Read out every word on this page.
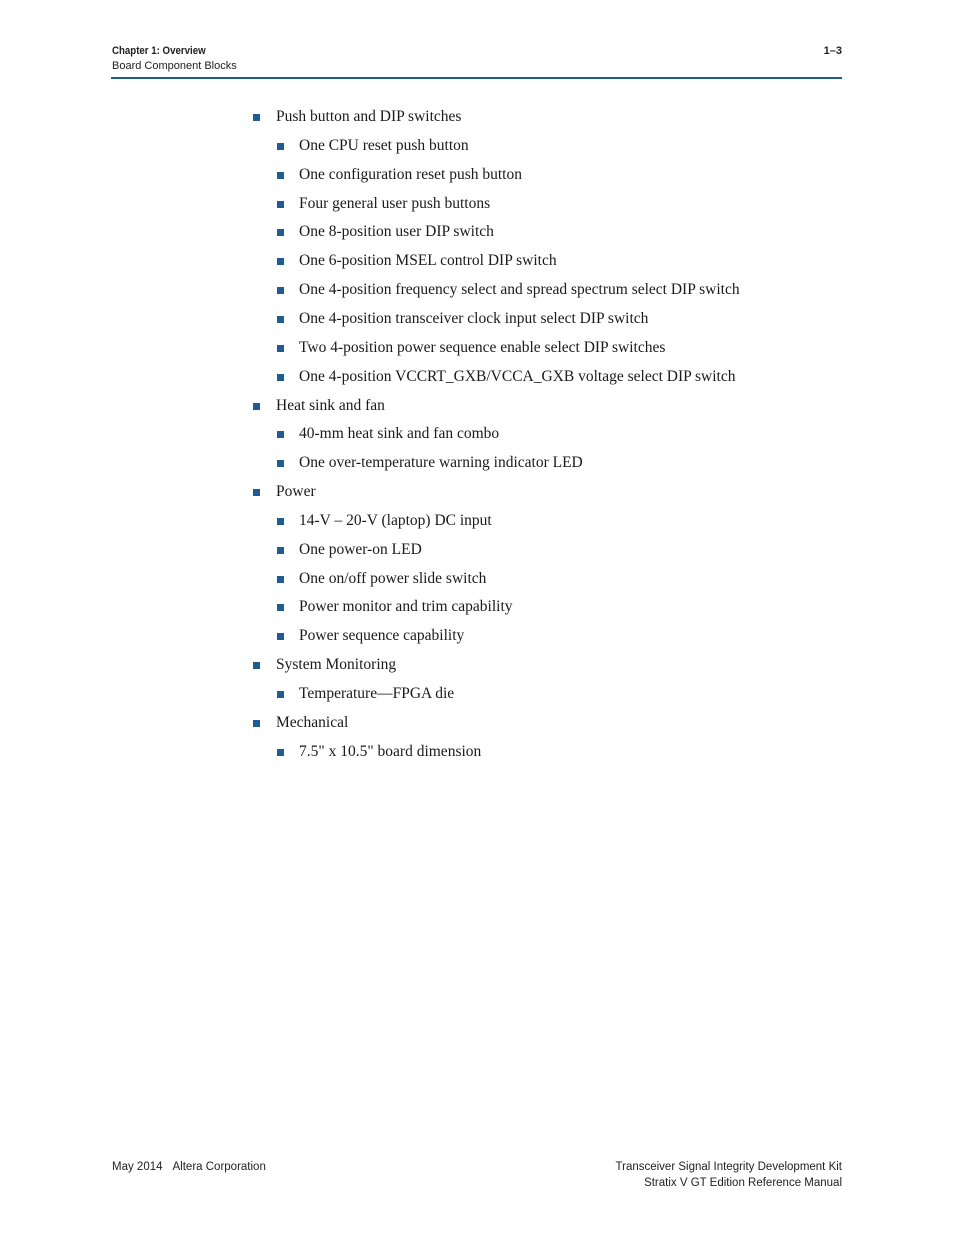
Chapter 1: Overview
Board Component Blocks
1–3
Push button and DIP switches
One CPU reset push button
One configuration reset push button
Four general user push buttons
One 8-position user DIP switch
One 6-position MSEL control DIP switch
One 4-position frequency select and spread spectrum select DIP switch
One 4-position transceiver clock input select DIP switch
Two 4-position power sequence enable select DIP switches
One 4-position VCCRT_GXB/VCCA_GXB voltage select DIP switch
Heat sink and fan
40-mm heat sink and fan combo
One over-temperature warning indicator LED
Power
14-V – 20-V (laptop) DC input
One power-on LED
One on/off power slide switch
Power monitor and trim capability
Power sequence capability
System Monitoring
Temperature—FPGA die
Mechanical
7.5" x 10.5" board dimension
May 2014 Altera Corporation	Transceiver Signal Integrity Development Kit
Stratix V GT Edition Reference Manual
